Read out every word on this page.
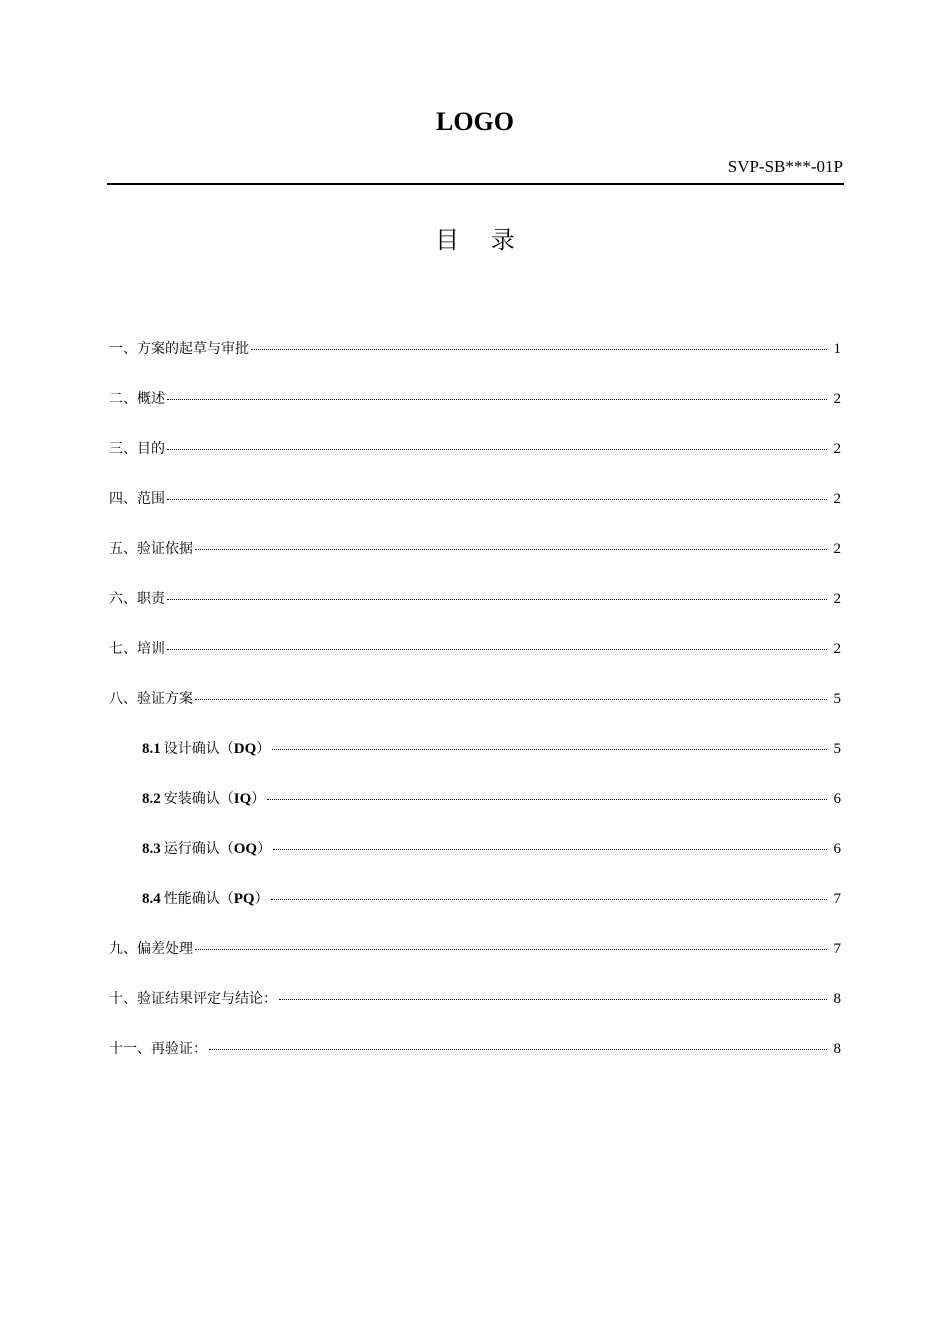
LOGO
SVP-SB***-01P
目 录
一、方案的起草与审批	1
二、概述	2
三、目的	2
四、范围	2
五、验证依据	2
六、职责	2
七、培训	2
八、验证方案	5
8.1 设计确认（DQ）	5
8.2 安装确认（IQ）	6
8.3 运行确认（OQ）	6
8.4 性能确认（PQ）	7
九、偏差处理	7
十、验证结果评定与结论：	8
十一、再验证：	8
